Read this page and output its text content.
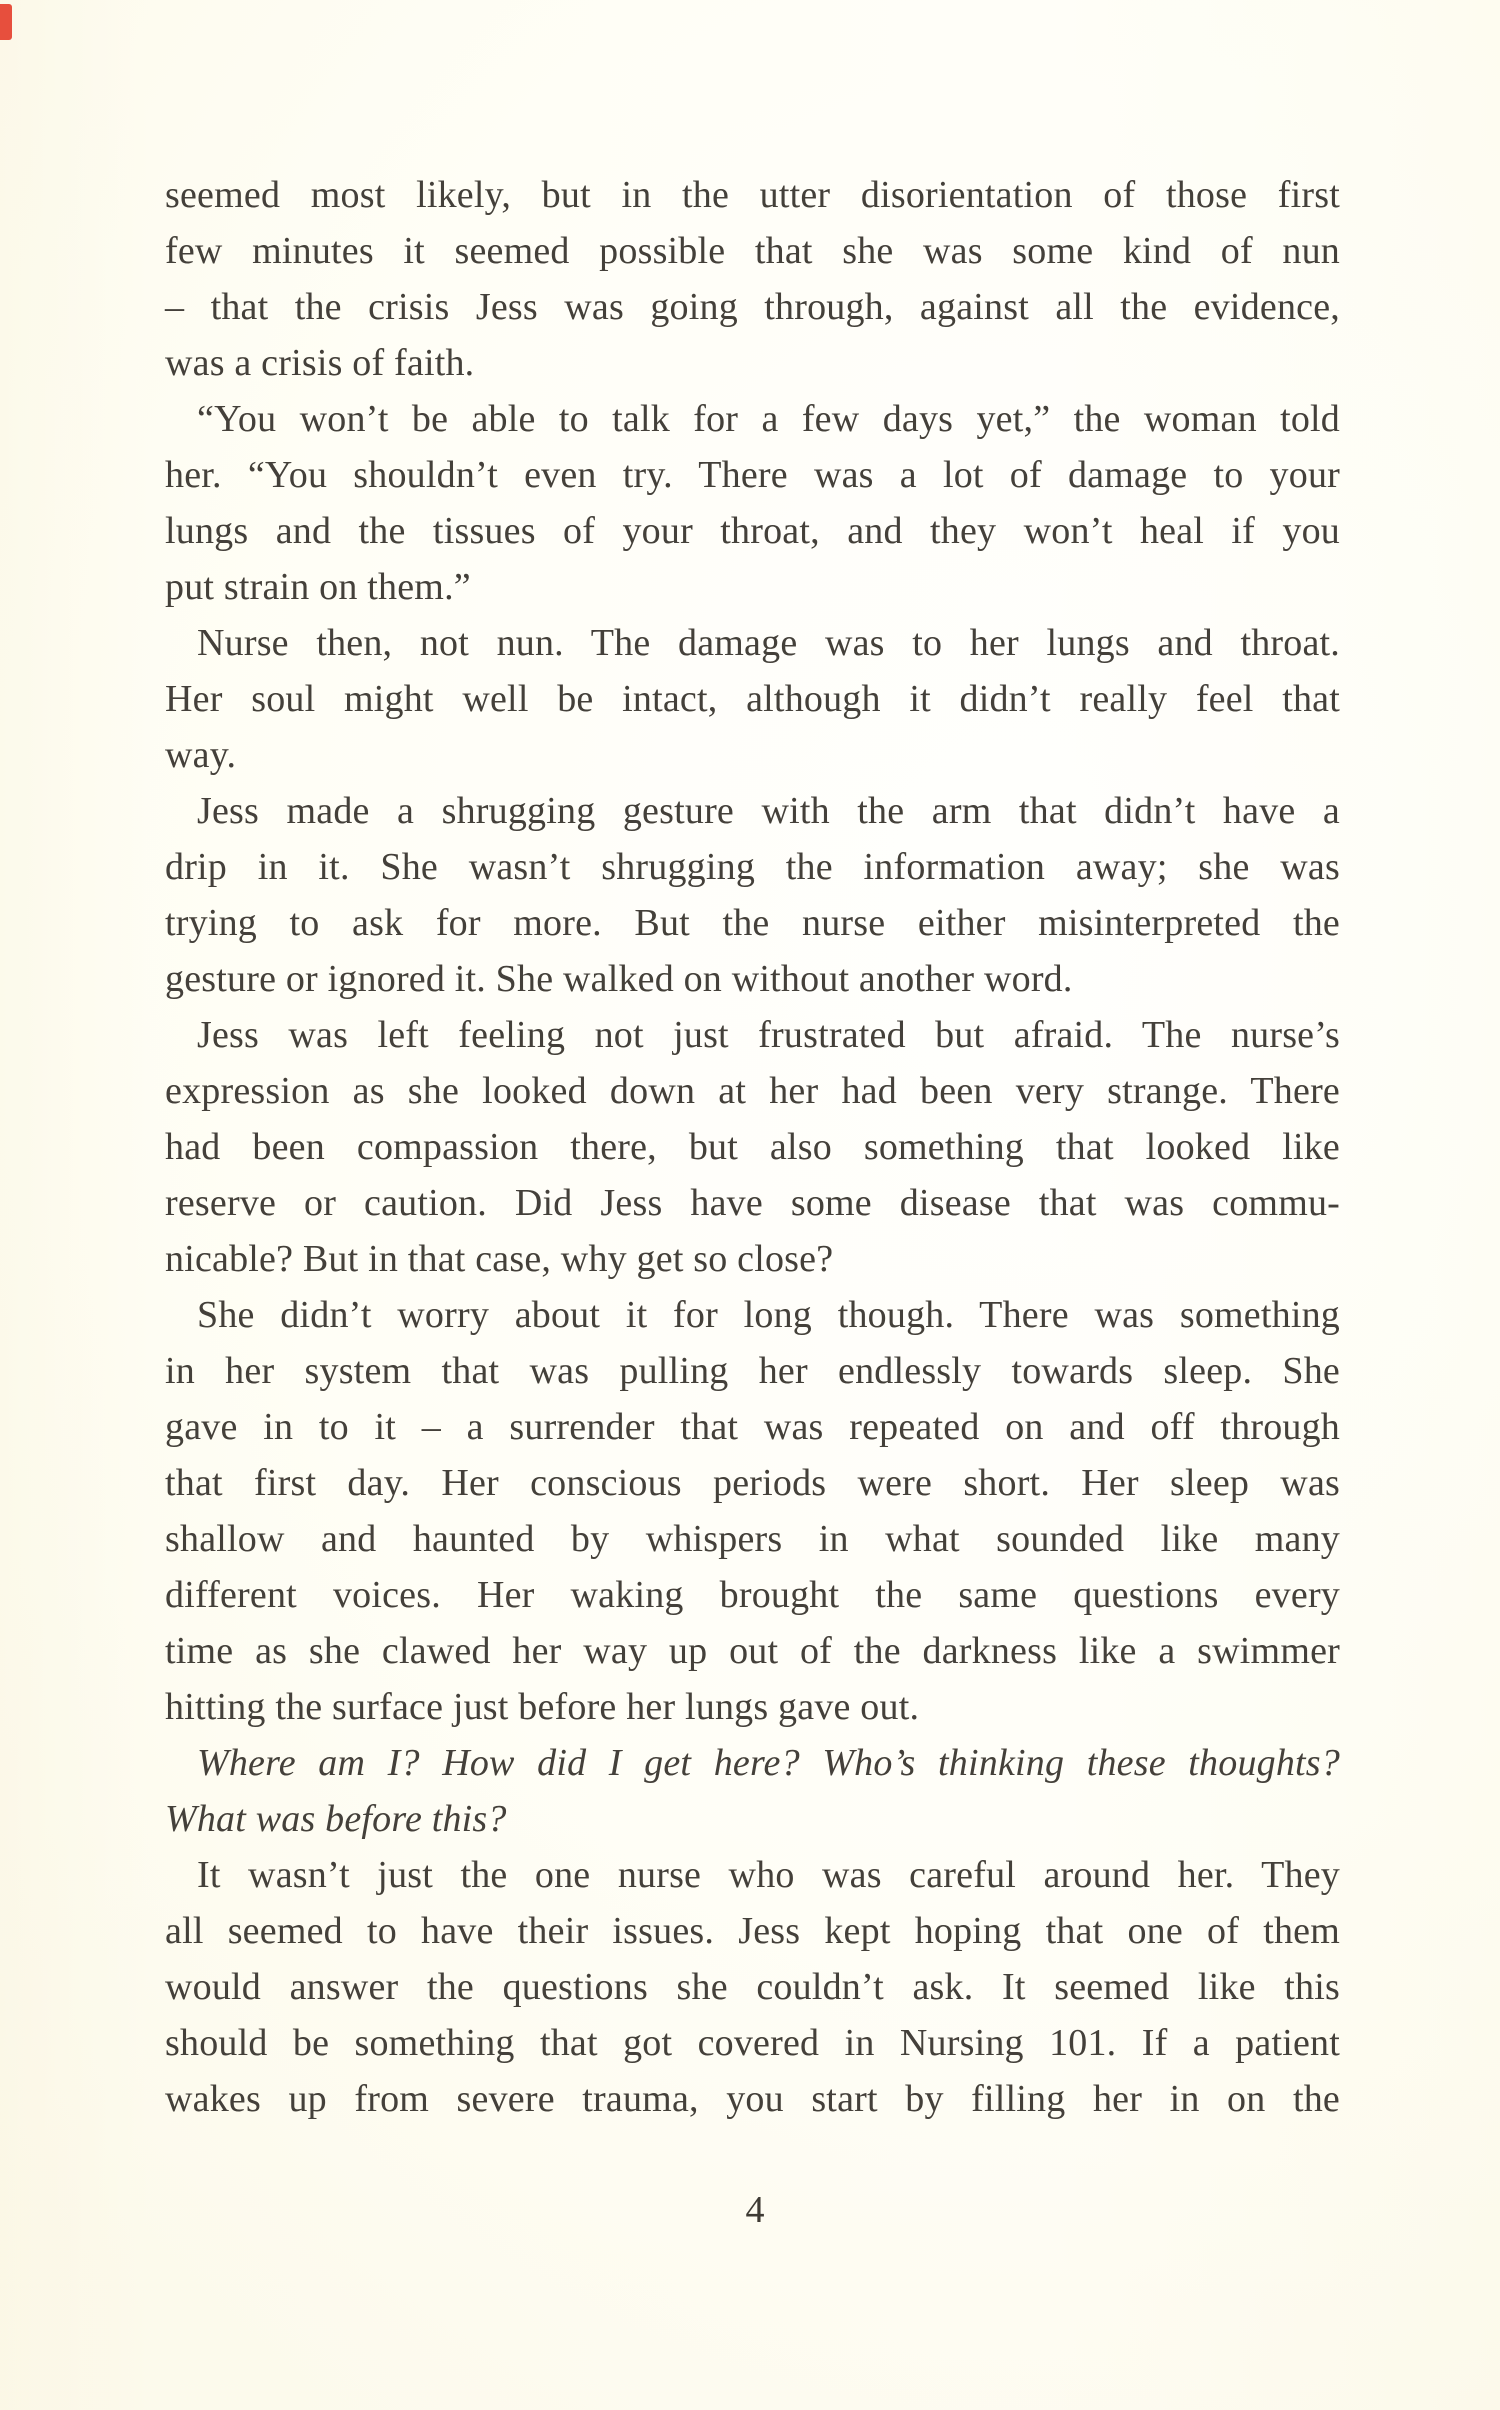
seemed most likely, but in the utter disorientation of those first
few minutes it seemed possible that she was some kind of nun
– that the crisis Jess was going through, against all the evidence,
was a crisis of faith.
“You won’t be able to talk for a few days yet,” the woman told
her. “You shouldn’t even try. There was a lot of damage to your
lungs and the tissues of your throat, and they won’t heal if you
put strain on them.”
Nurse then, not nun. The damage was to her lungs and throat.
Her soul might well be intact, although it didn’t really feel that
way.
Jess made a shrugging gesture with the arm that didn’t have a
drip in it. She wasn’t shrugging the information away; she was
trying to ask for more. But the nurse either misinterpreted the
gesture or ignored it. She walked on without another word.
Jess was left feeling not just frustrated but afraid. The nurse’s
expression as she looked down at her had been very strange. There
had been compassion there, but also something that looked like
reserve or caution. Did Jess have some disease that was commu-
nicable? But in that case, why get so close?
She didn’t worry about it for long though. There was something
in her system that was pulling her endlessly towards sleep. She
gave in to it – a surrender that was repeated on and off through
that first day. Her conscious periods were short. Her sleep was
shallow and haunted by whispers in what sounded like many
different voices. Her waking brought the same questions every
time as she clawed her way up out of the darkness like a swimmer
hitting the surface just before her lungs gave out.
Where am I? How did I get here? Who’s thinking these thoughts?
What was before this?
It wasn’t just the one nurse who was careful around her. They
all seemed to have their issues. Jess kept hoping that one of them
would answer the questions she couldn’t ask. It seemed like this
should be something that got covered in Nursing 101. If a patient
wakes up from severe trauma, you start by filling her in on the
4
